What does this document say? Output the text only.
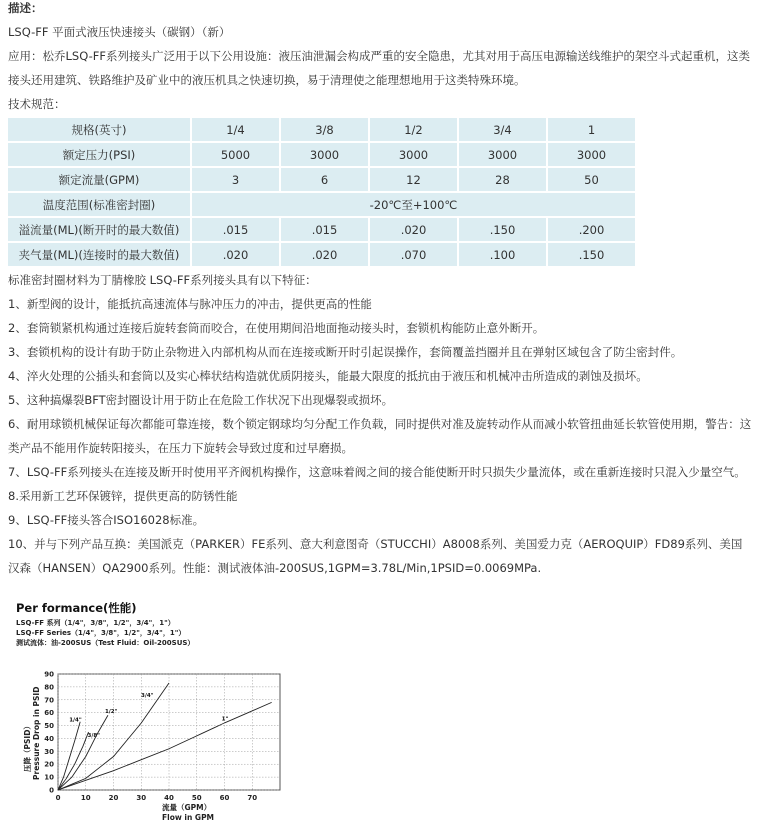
描述：
LSQ-FF 平面式液压快速接头（碳钢）（新）
应用：松乔LSQ-FF系列接头广泛用于以下公用设施：液压油泄漏会构成严重的安全隐患，尤其对用于高压电源输送线维护的架空斗式起重机，这类接头还用建筑、铁路维护及矿业中的液压机具之快速切换，易于清理使之能理想地用于这类特殊环境。
技术规范：
规格(英寸)	1/4	3/8	1/2	3/4	1
额定压力(PSI)	5000	3000	3000	3000	3000
额定流量(GPM)	3	6	12	28	50
温度范围(标准密封圈)	-20℃至+100℃				
溢流量(ML)(断开时的最大数值)	.015	.015	.020	.150	.200
夹气量(ML)(连接时的最大数值)	.020	.020	.070	.100	.150
标准密封圈材料为丁腈橡胶 LSQ-FF系列接头具有以下特征：
1、新型阀的设计，能抵抗高速流体与脉冲压力的冲击，提供更高的性能
2、套筒锁紧机构通过连接后旋转套筒而咬合，在使用期间沿地面拖动接头时，套锁机构能防止意外断开。
3、套锁机构的设计有助于防止杂物进入内部机构从而在连接或断开时引起误操作，套筒覆盖挡圈并且在弹射区域包含了防尘密封件。
4、淬火处理的公插头和套筒以及实心棒状结构造就优质阴接头，能最大限度的抵抗由于液压和机械冲击所造成的剥蚀及损坏。
5、这种搞爆裂BFT密封圈设计用于防止在危险工作状况下出现爆裂或损坏。
6、耐用球锁机械保证每次都能可靠连接，数个锁定钢球均匀分配工作负载，同时提供对准及旋转动作从而减小软管扭曲延长软管使用期，警告：这类产品不能用作旋转阳接头，在压力下旋转会导致过度和过早磨损。
7、LSQ-FF系列接头在连接及断开时使用平齐阀机构操作，这意味着阀之间的接合能使断开时只损失少量流体，或在重新连接时只混入少量空气。
8.采用新工艺环保镀锌，提供更高的防锈性能
9、LSQ-FF接头答合ISO16028标准。
10、并与下列产品互换：美国派克（PARKER）FE系列、意大利意图奇（STUCCHI）A8008系列、美国爱力克（AEROQUIP）FD89系列、美国汉森（HANSEN）QA2900系列。性能：测试液体油-200SUS,1GPM=3.78L/Min,1PSID=0.0069MPa.
Per formance(性能)
LSQ-FF 系列（1/4"，3/8"，1/2"，3/4"，1"）
LSQ-FF Series（1/4"，3/8"，1/2"，3/4"，1"）
测试流体：油-200SUS（Test Fluid：Oil-200SUS）
0
10
20
30
40
50
60
70
80
90
0	10	20	30	40	50	60	70
1/4"
3/8"
1/2"
3/4"
1"
流量（GPM）
Flow in GPM
压降（PSID） Pressure Drop in PSID
